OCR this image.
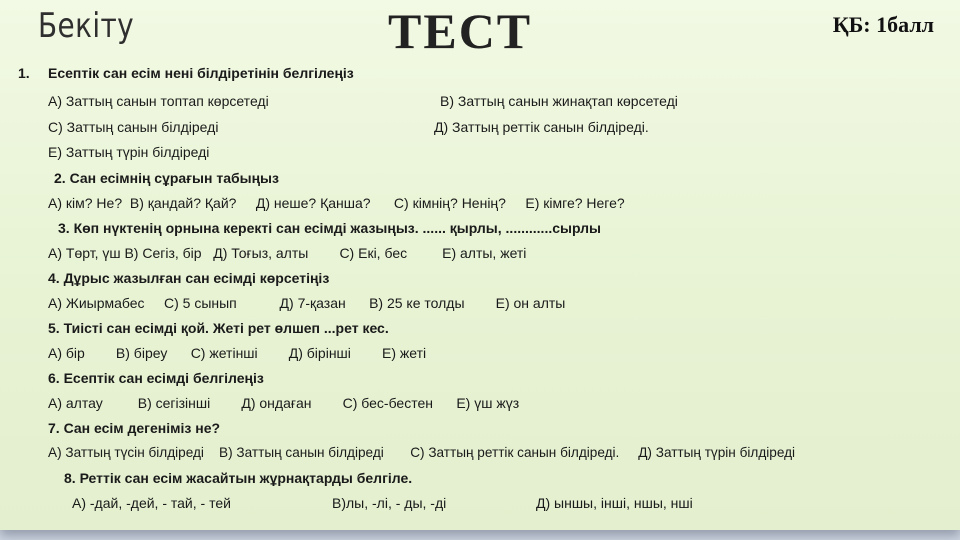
Бекіту	ТЕСТ	ҚБ: 1балл
1. Есептік сан есім нені білдіретінін белгілеңіз
А) Заттың санын топтап көрсетеді	В) Заттың санын жинақтап көрсетеді
С) Заттың санын білдіреді	Д) Заттың реттік санын білдіреді.
Е) Заттың түрін білдіреді
2. Сан есімнің сұрағын табыңыз
А) кім? Не?  В) қандай? Қай?     Д) неше? Қанша?      С) кімнің? Ненің?     Е) кімге? Неге?
3. Көп нүктенің орнына керекті сан есімді жазыңыз. ...... қырлы, ............сырлы
А) Төрт, үш В) Сегіз, бір   Д) Тоғыз, алты        С) Екі, бес         Е) алты, жеті
4. Дұрыс жазылған сан есімді көрсетіңіз
А) Жиырмабес     С) 5 сынып           Д) 7-қазан      В) 25 ке толды        Е) он алты
5. Тиісті сан есімді қой. Жеті рет өлшеп ...рет кес.
А) бір        В) біреу      С) жетінші        Д) бірінші        Е) жеті
6. Есептік сан есімді белгілеңіз
А) алтау         В) сегізінші        Д) ондаған        С) бес-бестен      Е) үш жүз
7. Сан есім дегеніміз не?
А) Заттың түсін білдіреді    В) Заттың санын білдіреді       С) Заттың реттік санын білдіреді.     Д) Заттың түрін білдіреді
8. Реттік сан есім жасайтын жұрнақтарды белгіле.
А) -дай, -дей, - тай, - тей	В)лы, -лі, - ды, -ді	Д) ыншы, інші, ншы, нші
